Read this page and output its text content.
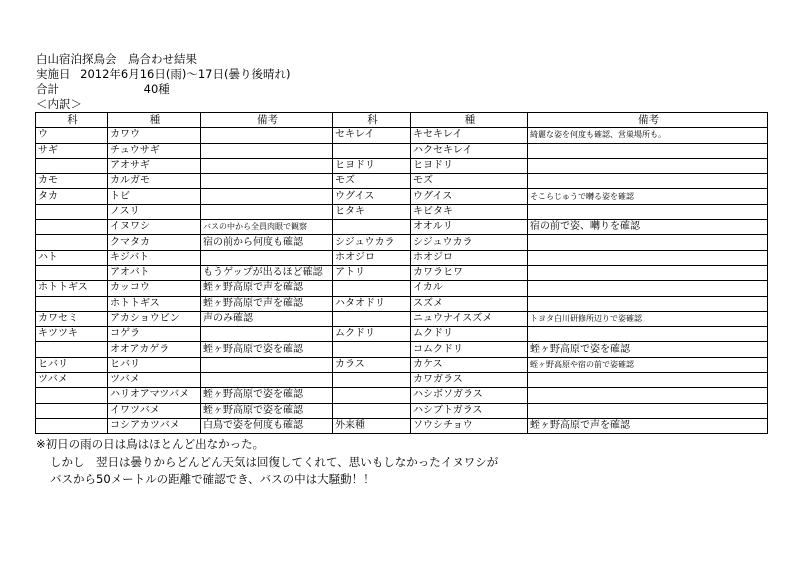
白山宿泊探鳥会　鳥合わせ結果
実施日 2012年6月16日(雨)～17日(曇り後晴れ)
合計	40種
＜内訳＞
科	種	備考	科	種	備考
ウ	カワウ		セキレイ	キセキレイ	綺麗な姿を何度も確認、営巣場所も。
サギ	チュウサギ			ハクセキレイ	
	アオサギ		ヒヨドリ	ヒヨドリ	
カモ	カルガモ		モズ	モズ	
タカ	トビ		ウグイス	ウグイス	そこらじゅうで囀る姿を確認
	ノスリ		ヒタキ	キビタキ	
	イヌワシ	バスの中から全員肉眼で観察		オオルリ	宿の前で姿、囀りを確認
	クマタカ	宿の前から何度も確認	シジュウカラ	シジュウカラ	
ハト	キジバト		ホオジロ	ホオジロ	
	アオバト	もうゲップが出るほど確認	アトリ	カワラヒワ	
ホトトギス	カッコウ	蛭ヶ野高原で声を確認		イカル	
	ホトトギス	蛭ヶ野高原で声を確認	ハタオドリ	スズメ	
カワセミ	アカショウビン	声のみ確認		ニュウナイスズメ	トヨタ白川研修所辺りで姿確認
キツツキ	コゲラ		ムクドリ	ムクドリ	
	オオアカゲラ	蛭ヶ野高原で姿を確認		コムクドリ	蛭ヶ野高原で姿を確認
ヒバリ	ヒバリ		カラス	カケス	蛭ヶ野高原や宿の前で姿確認
ツバメ	ツバメ			カワガラス	
	ハリオアマツバメ	蛭ヶ野高原で姿を確認		ハシボソガラス	
	イワツバメ	蛭ヶ野高原で姿を確認		ハシブトガラス	
	コシアカツバメ	白鳥で姿を何度も確認	外来種	ソウシチョウ	蛭ヶ野高原で声を確認
※初日の雨の日は鳥はほとんど出なかった。
しかし　翌日は曇りからどんどん天気は回復してくれて、思いもしなかったイヌワシが
バスから50メートルの距離で確認でき、バスの中は大騒動！！
